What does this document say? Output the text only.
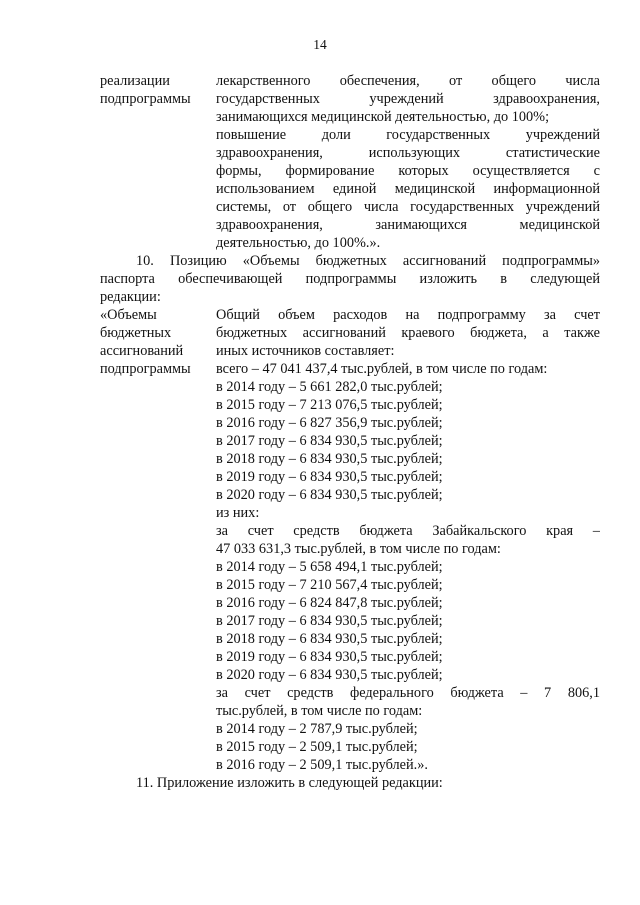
14
реализации
подпрограммы
лекарственного обеспечения, от общего числа
государственных учреждений здравоохранения,
занимающихся медицинской деятельностью, до 100%;
повышение доли государственных учреждений
здравоохранения, использующих статистические
формы, формирование которых осуществляется с
использованием единой медицинской информационной
системы, от общего числа государственных учреждений
здравоохранения, занимающихся медицинской
деятельностью, до 100%.».
10. Позицию «Объемы бюджетных ассигнований подпрограммы»
паспорта обеспечивающей подпрограммы изложить в следующей
редакции:
«Объемы
бюджетных
ассигнований
подпрограммы
Общий объем расходов на подпрограмму за счет
бюджетных ассигнований краевого бюджета, а также
иных источников составляет:
всего – 47 041 437,4 тыс.рублей, в том числе по годам:
в 2014 году – 5 661 282,0 тыс.рублей;
в 2015 году – 7 213 076,5 тыс.рублей;
в 2016 году – 6 827 356,9 тыс.рублей;
в 2017 году – 6 834 930,5 тыс.рублей;
в 2018 году – 6 834 930,5 тыс.рублей;
в 2019 году – 6 834 930,5 тыс.рублей;
в 2020 году – 6 834 930,5 тыс.рублей;
из них:
за счет средств бюджета Забайкальского края –
47 033 631,3 тыс.рублей, в том числе по годам:
в 2014 году – 5 658 494,1 тыс.рублей;
в 2015 году – 7 210 567,4 тыс.рублей;
в 2016 году – 6 824 847,8 тыс.рублей;
в 2017 году – 6 834 930,5 тыс.рублей;
в 2018 году – 6 834 930,5 тыс.рублей;
в 2019 году – 6 834 930,5 тыс.рублей;
в 2020 году – 6 834 930,5 тыс.рублей;
за счет средств федерального бюджета – 7 806,1
тыс.рублей, в том числе по годам:
в 2014 году – 2 787,9 тыс.рублей;
в 2015 году – 2 509,1 тыс.рублей;
в 2016 году – 2 509,1 тыс.рублей.».
11. Приложение изложить в следующей редакции:
